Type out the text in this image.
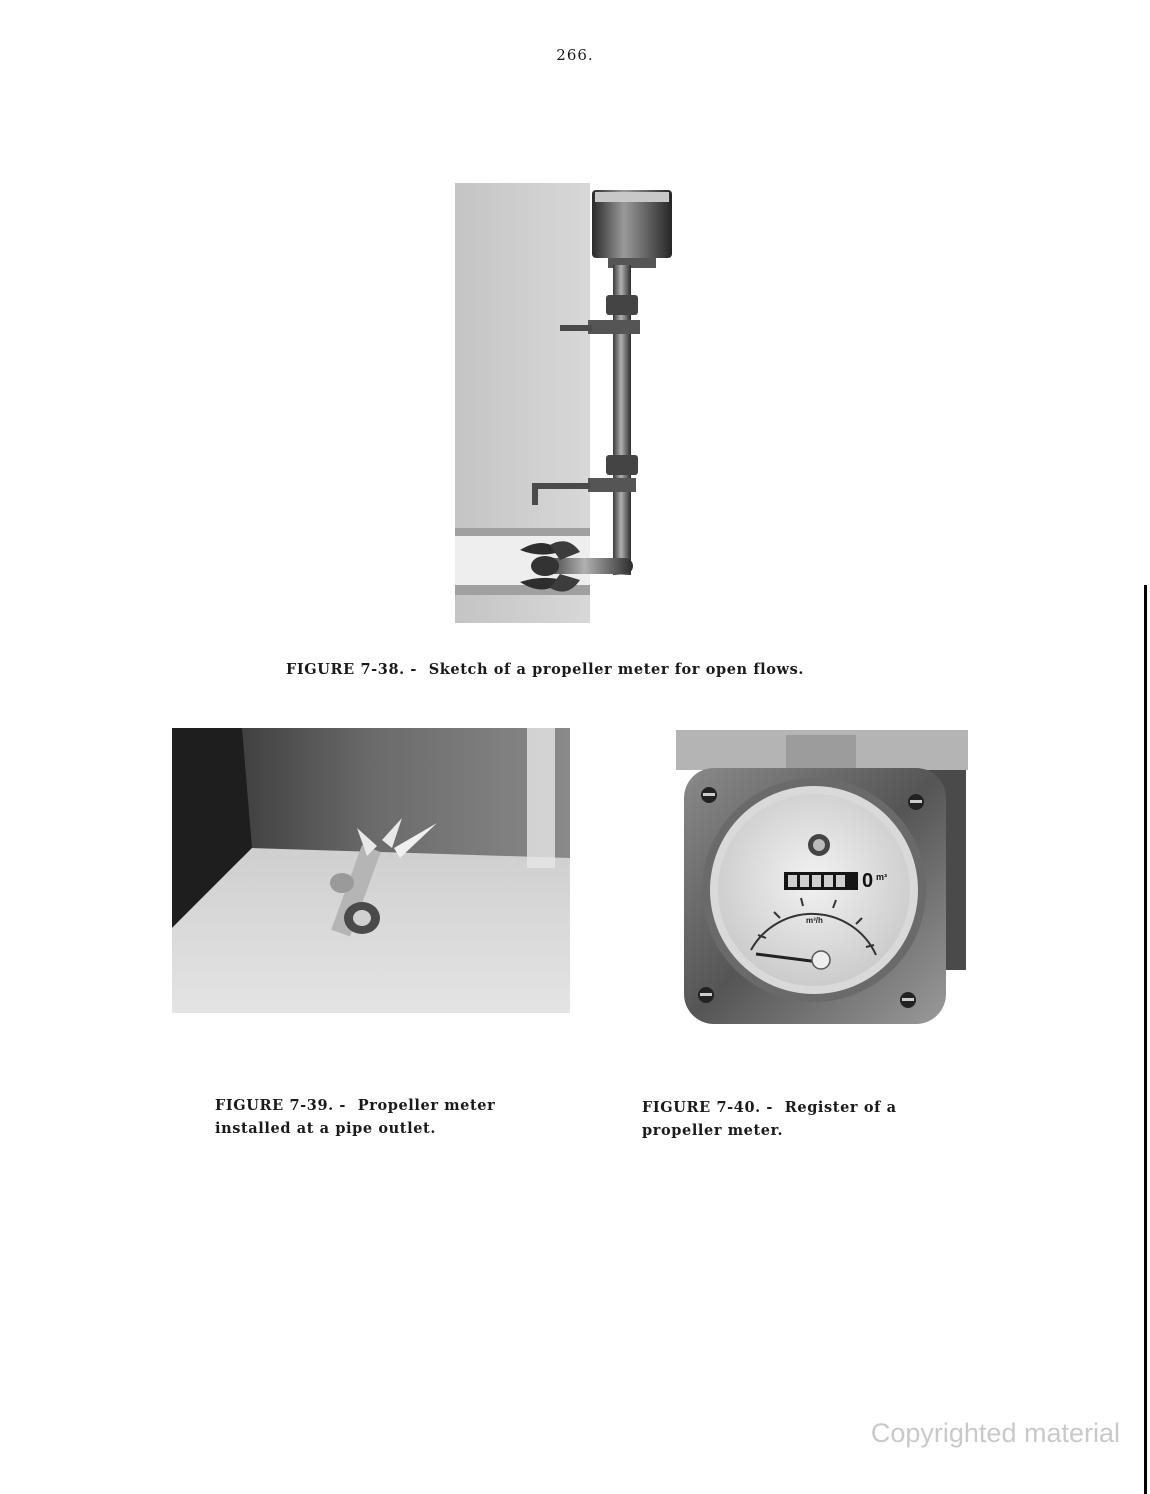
266.
FIGURE 7-38. - Sketch of a propeller meter for open flows.
FIGURE 7-39. - Propeller meter installed at a pipe outlet.
0 m³
m³/h
FIGURE 7-40. - Register of a propeller meter.
Copyrighted material
